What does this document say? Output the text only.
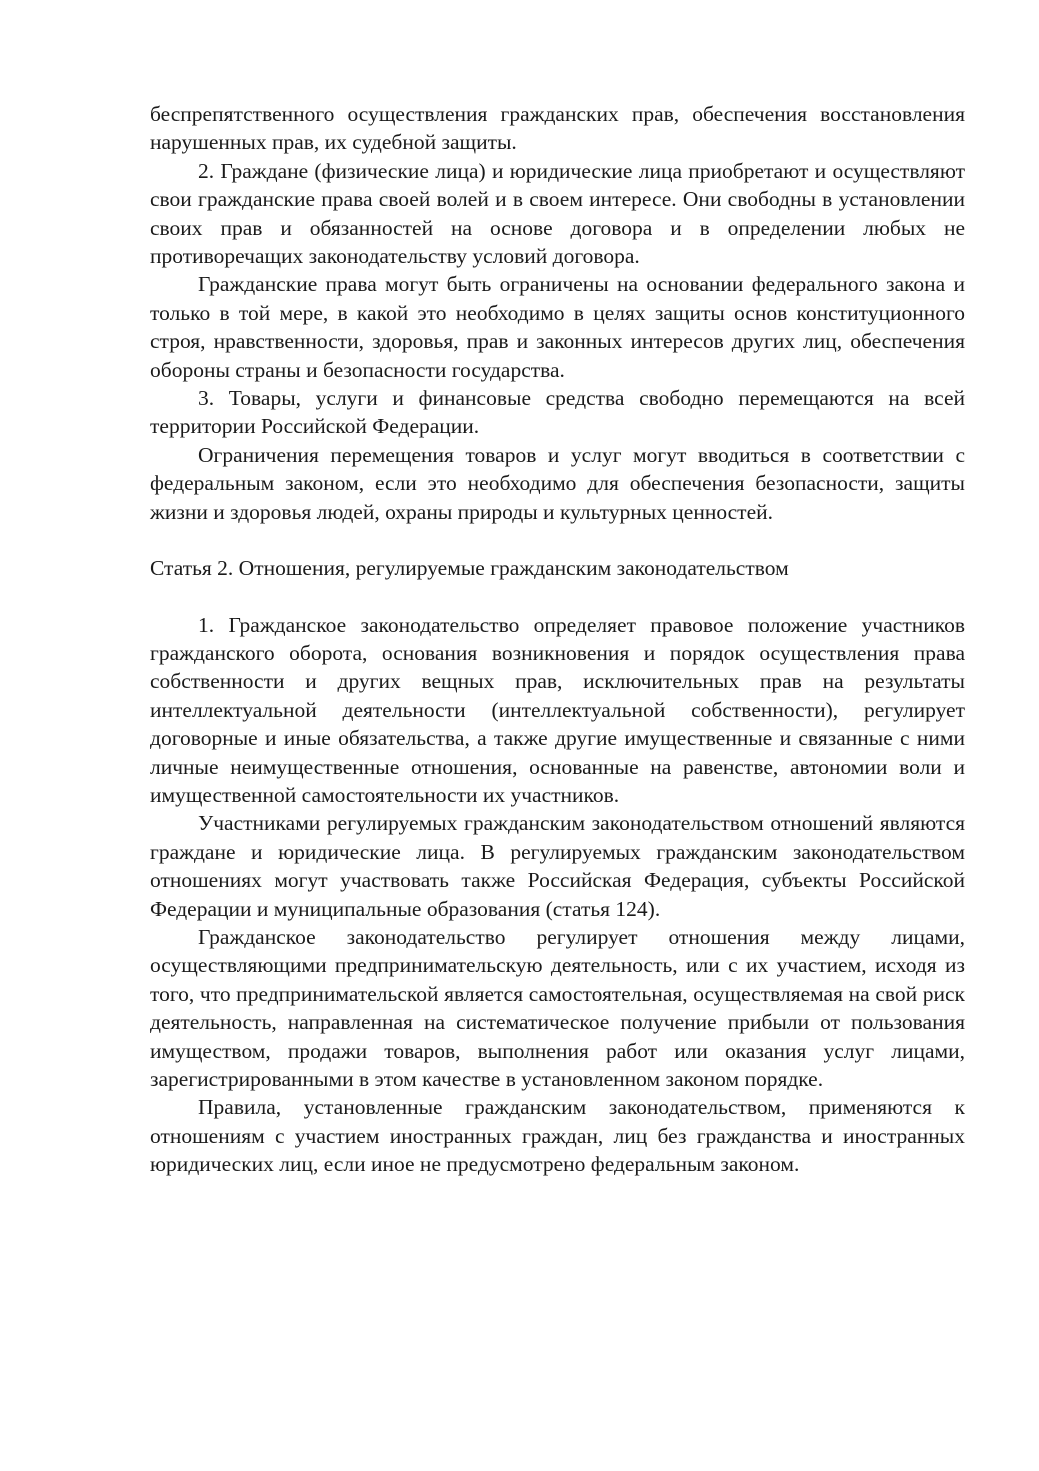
беспрепятственного осуществления гражданских прав, обеспечения восстановления нарушенных прав, их судебной защиты.

2. Граждане (физические лица) и юридические лица приобретают и осуществляют свои гражданские права своей волей и в своем интересе. Они свободны в установлении своих прав и обязанностей на основе договора и в определении любых не противоречащих законодательству условий договора.

Гражданские права могут быть ограничены на основании федерального закона и только в той мере, в какой это необходимо в целях защиты основ конституционного строя, нравственности, здоровья, прав и законных интересов других лиц, обеспечения обороны страны и безопасности государства.

3. Товары, услуги и финансовые средства свободно перемещаются на всей территории Российской Федерации.

Ограничения перемещения товаров и услуг могут вводиться в соответствии с федеральным законом, если это необходимо для обеспечения безопасности, защиты жизни и здоровья людей, охраны природы и культурных ценностей.

Статья 2. Отношения, регулируемые гражданским законодательством

1. Гражданское законодательство определяет правовое положение участников гражданского оборота, основания возникновения и порядок осуществления права собственности и других вещных прав, исключительных прав на результаты интеллектуальной деятельности (интеллектуальной собственности), регулирует договорные и иные обязательства, а также другие имущественные и связанные с ними личные неимущественные отношения, основанные на равенстве, автономии воли и имущественной самостоятельности их участников.

Участниками регулируемых гражданским законодательством отношений являются граждане и юридические лица. В регулируемых гражданским законодательством отношениях могут участвовать также Российская Федерация, субъекты Российской Федерации и муниципальные образования (статья 124).

Гражданское законодательство регулирует отношения между лицами, осуществляющими предпринимательскую деятельность, или с их участием, исходя из того, что предпринимательской является самостоятельная, осуществляемая на свой риск деятельность, направленная на систематическое получение прибыли от пользования имуществом, продажи товаров, выполнения работ или оказания услуг лицами, зарегистрированными в этом качестве в установленном законом порядке.

Правила, установленные гражданским законодательством, применяются к отношениям с участием иностранных граждан, лиц без гражданства и иностранных юридических лиц, если иное не предусмотрено федеральным законом.
